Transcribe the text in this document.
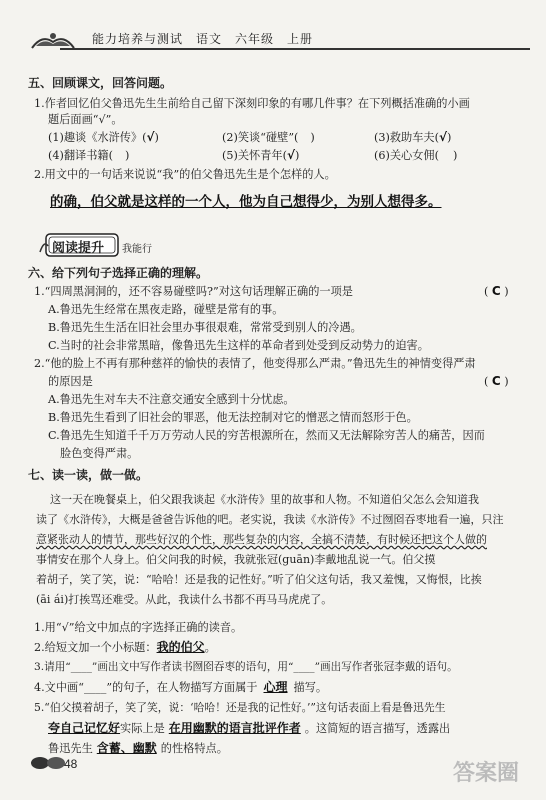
能力培养与测试　语文　六年级　上册
五、回顾课文，回答问题。
1.作者回忆伯父鲁迅先生生前给自己留下深刻印象的有哪几件事？在下列概括准确的小画
题后面画“√”。
(1)趣谈《水浒传》(√)	(2)笑谈“碰壁”( )	(3)救助车夫(√)
(4)翻译书籍( )	(5)关怀青年(√)	(6)关心女佣( )
2.用文中的一句话来说说“我”的伯父鲁迅先生是个怎样的人。
的确，伯父就是这样的一个人，他为自己想得少，为别人想得多。
阅读提升 我能行
六、给下列句子选择正确的理解。
1.“四周黑洞洞的，还不容易碰壁吗?”对这句话理解正确的一项是	( C )
A.鲁迅先生经常在黑夜走路，碰壁是常有的事。
B.鲁迅先生生活在旧社会里办事很艰难，常常受到别人的冷遇。
C.当时的社会非常黑暗，像鲁迅先生这样的革命者到处受到反动势力的迫害。
2.“他的脸上不再有那种慈祥的愉快的表情了，他变得那么严肃。”鲁迅先生的神情变得严肃
的原因是	( C )
A.鲁迅先生对车夫不注意交通安全感到十分忧虑。
B.鲁迅先生看到了旧社会的罪恶，他无法控制对它的憎恶之情而怒形于色。
C.鲁迅先生知道千千万万劳动人民的穷苦根源所在，然而又无法解除穷苦人的痛苦，因而
脸色变得严肃。
七、读一读，做一做。
这一天在晚餐桌上，伯父跟我谈起《水浒传》里的故事和人物。不知道伯父怎么会知道我
读了《水浒传》，大概是爸爸告诉他的吧。老实说，我读《水浒传》不过囫囵吞枣地看一遍，只注
意紧张动人的情节，那些好汉的个性，那些复杂的内容，全搞不清楚，有时候还把这个人做的
事情安在那个人身上。伯父问我的时候，我就张冠(guān)李戴地乱说一气。伯父摸
着胡子，笑了笑，说：“哈哈！还是我的记性好。”听了伯父这句话，我又羞愧，又悔恨，比挨
(āi ái)打挨骂还难受。从此，我读什么书都不再马马虎虎了。
1.用“√”给文中加点的字选择正确的读音。
2.给短文加一个小标题：我的伯父。
3.请用“____”画出文中写作者读书囫囵吞枣的语句，用“____”画出写作者张冠李戴的语句。
4.文中画“____”的句子，在人物描写方面属于 心理 描写。
5.“伯父摸着胡子，笑了笑，说：‘哈哈！还是我的记性好。’”这句话表面上看是鲁迅先生
夸自己记忆好实际上是 在用幽默的语言批评作者 。这简短的语言描写，透露出
鲁迅先生 含蓄、幽默 的性格特点。
48	答案圈
